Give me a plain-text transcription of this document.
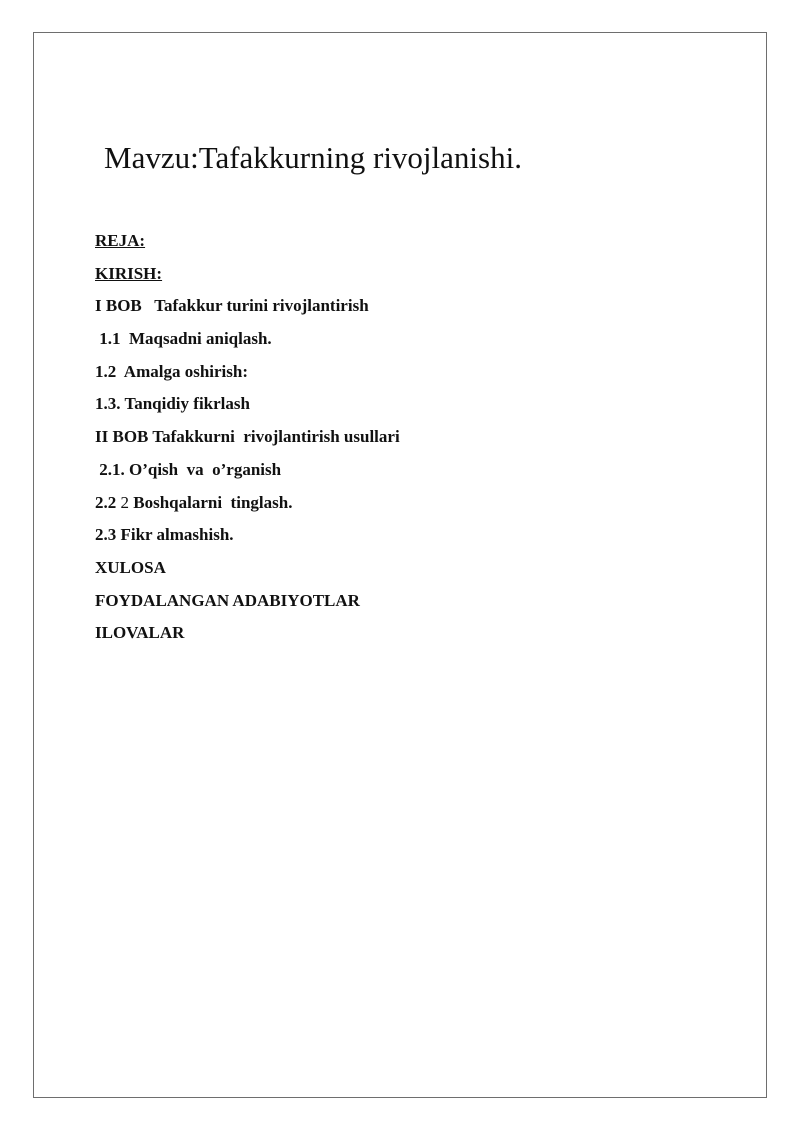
Mavzu:Tafakkurning rivojlanishi.
REJA:
KIRISH:
I BOB   Tafakkur turini rivojlantirish
1.1  Maqsadni aniqlash.
1.2  Amalga oshirish:
1.3. Tanqidiy fikrlash
II BOB Tafakkurni  rivojlantirish usullari
2.1. O’qish  va  o’rganish
2.2 2 Boshqalarni  tinglash.
2.3 Fikr almashish.
XULOSA
FOYDALANGAN ADABIYOTLAR
ILOVALAR
